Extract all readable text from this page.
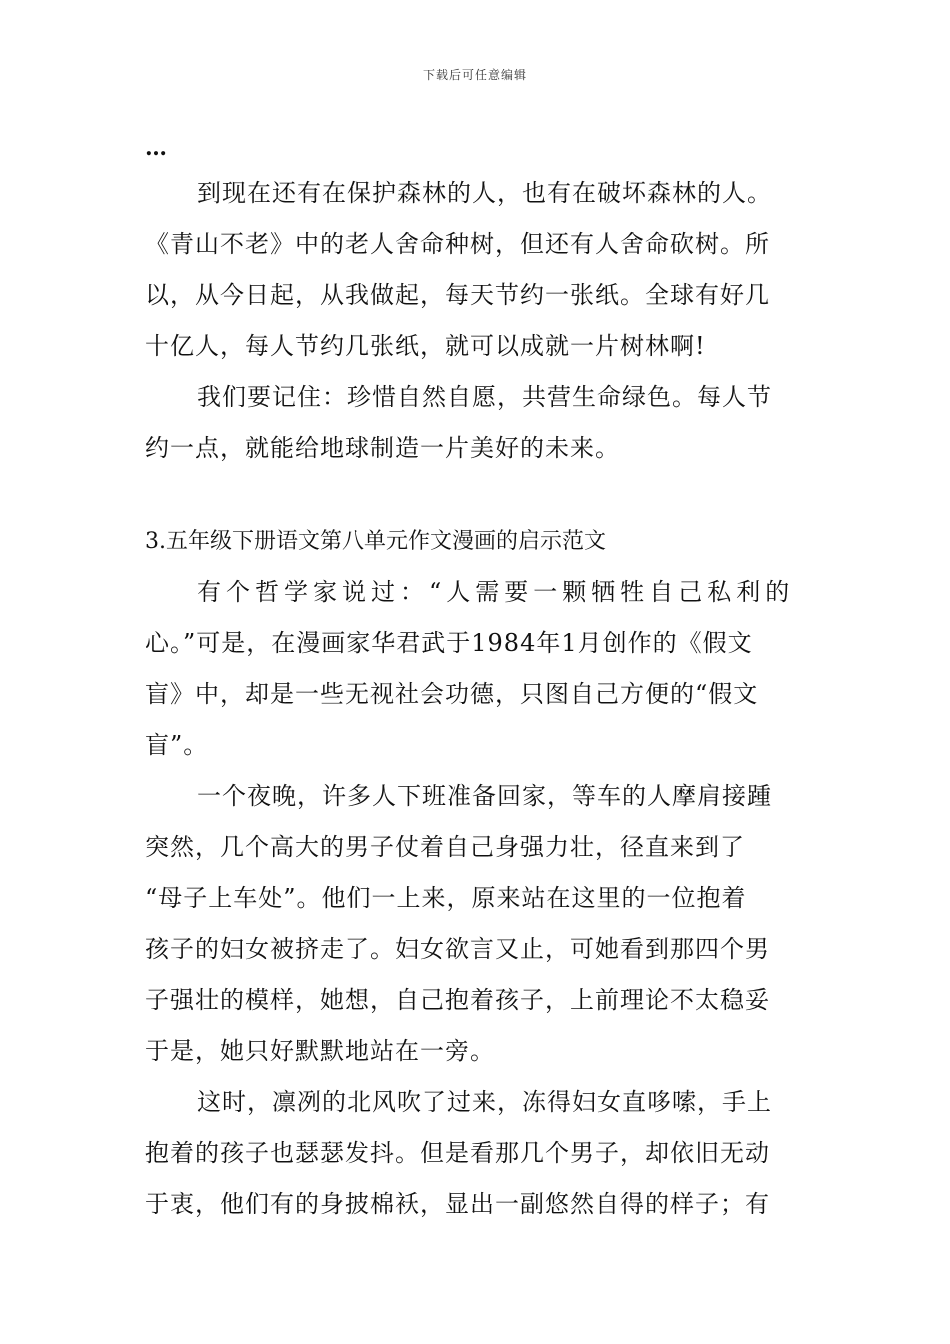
下载后可任意编辑
…
到现在还有在保护森林的人，也有在破坏森林的人。
《青山不老》中的老人舍命种树，但还有人舍命砍树。所
以，从今日起，从我做起，每天节约一张纸。全球有好几
十亿人，每人节约几张纸，就可以成就一片树林啊!
我们要记住：珍惜自然自愿，共营生命绿色。每人节
约一点，就能给地球制造一片美好的未来。
3.五年级下册语文第八单元作文漫画的启示范文
有个哲学家说过：“人需要一颗牺牲自己私利的
心。”可是，在漫画家华君武于1984年1月创作的《假文
盲》中，却是一些无视社会功德，只图自己方便的“假文
盲”。
一个夜晚，许多人下班准备回家，等车的人摩肩接踵
突然，几个高大的男子仗着自己身强力壮，径直来到了
“母子上车处”。他们一上来，原来站在这里的一位抱着
孩子的妇女被挤走了。妇女欲言又止，可她看到那四个男
子强壮的模样，她想，自己抱着孩子，上前理论不太稳妥
于是，她只好默默地站在一旁。
这时，凛冽的北风吹了过来，冻得妇女直哆嗦，手上
抱着的孩子也瑟瑟发抖。但是看那几个男子，却依旧无动
于衷，他们有的身披棉袄，显出一副悠然自得的样子；有
